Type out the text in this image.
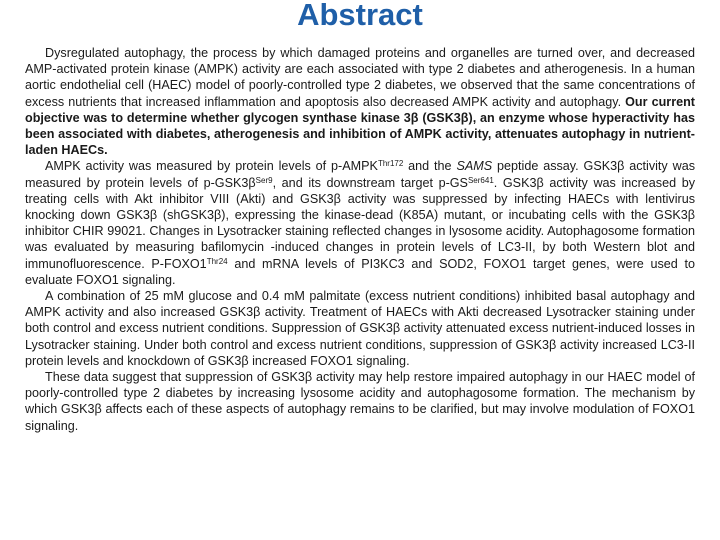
Abstract

Dysregulated autophagy, the process by which damaged proteins and organelles are turned over, and decreased AMP-activated protein kinase (AMPK) activity are each associated with type 2 diabetes and atherogenesis. In a human aortic endothelial cell (HAEC) model of poorly-controlled type 2 diabetes, we observed that the same concentrations of excess nutrients that increased inflammation and apoptosis also decreased AMPK activity and autophagy. Our current objective was to determine whether glycogen synthase kinase 3β (GSK3β), an enzyme whose hyperactivity has been associated with diabetes, atherogenesis and inhibition of AMPK activity, attenuates autophagy in nutrient-laden HAECs.

AMPK activity was measured by protein levels of $p-AMPK^{Thr172}$ and the SAMS peptide assay. GSK3β activity was measured by protein levels of $p-GSK3\beta^{Ser9}$, and its downstream target $p-GS^{Ser641}$. GSK3β activity was increased by treating cells with Akt inhibitor VIII (Akti) and GSK3β activity was suppressed by infecting HAECs with lentivirus knocking down GSK3β (shGSK3β), expressing the kinase-dead (K85A) mutant, or incubating cells with the GSK3β inhibitor CHIR 99021. Changes in Lysotracker staining reflected changes in lysosome acidity. Autophagosome formation was evaluated by measuring bafilomycin -induced changes in protein levels of LC3-II, by both Western blot and immunofluorescence. $P-FOXO1^{Thr24}$ and mRNA levels of PI3KC3 and SOD2, FOXO1 target genes, were used to evaluate FOXO1 signaling.

A combination of 25 mM glucose and 0.4 mM palmitate (excess nutrient conditions) inhibited basal autophagy and AMPK activity and also increased GSK3β activity. Treatment of HAECs with Akti decreased Lysotracker staining under both control and excess nutrient conditions. Suppression of GSK3β activity attenuated excess nutrient-induced losses in Lysotracker staining. Under both control and excess nutrient conditions, suppression of GSK3β activity increased LC3-II protein levels and knockdown of GSK3β increased FOXO1 signaling.

These data suggest that suppression of GSK3β activity may help restore impaired autophagy in our HAEC model of poorly-controlled type 2 diabetes by increasing lysosome acidity and autophagosome formation. The mechanism by which GSK3β affects each of these aspects of autophagy remains to be clarified, but may involve modulation of FOXO1 signaling.
